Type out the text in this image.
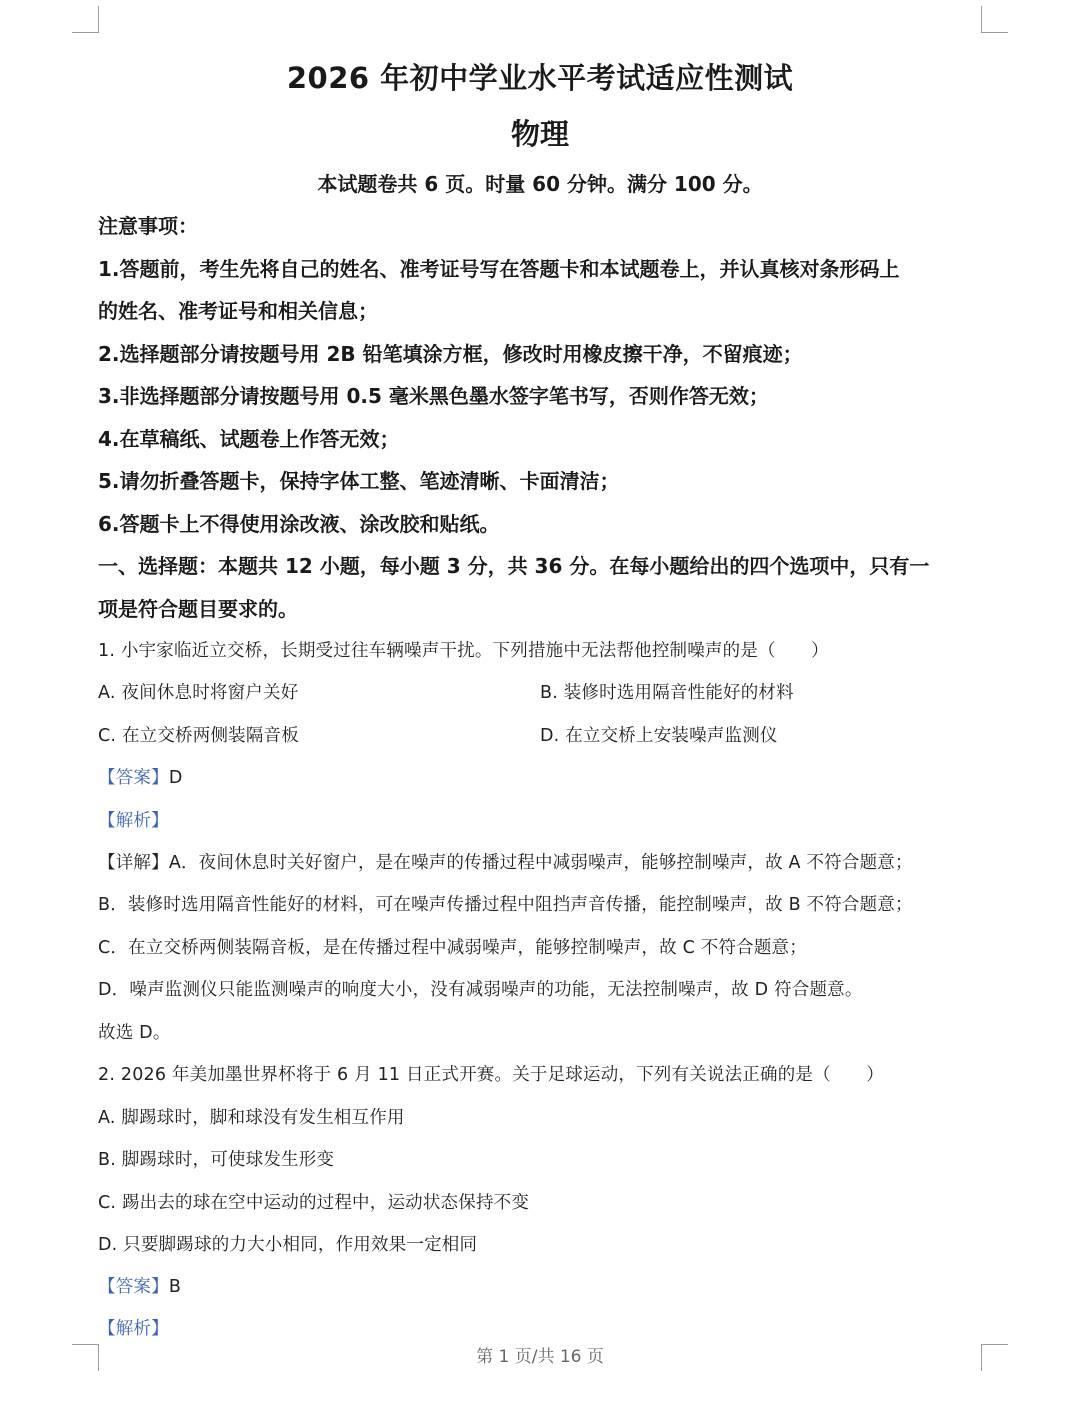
2026 年初中学业水平考试适应性测试
物理
本试题卷共 6 页。时量 60 分钟。满分 100 分。
注意事项：
1.答题前，考生先将自己的姓名、准考证号写在答题卡和本试题卷上，并认真核对条形码上
的姓名、准考证号和相关信息；
2.选择题部分请按题号用 2B 铅笔填涂方框，修改时用橡皮擦干净，不留痕迹；
3.非选择题部分请按题号用 0.5 毫米黑色墨水签字笔书写，否则作答无效；
4.在草稿纸、试题卷上作答无效；
5.请勿折叠答题卡，保持字体工整、笔迹清晰、卡面清洁；
6.答题卡上不得使用涂改液、涂改胶和贴纸。
一、选择题：本题共 12 小题，每小题 3 分，共 36 分。在每小题给出的四个选项中，只有一
项是符合题目要求的。
1. 小宇家临近立交桥，长期受过往车辆噪声干扰。下列措施中无法帮他控制噪声的是（　　）
A. 夜间休息时将窗户关好	B. 装修时选用隔音性能好的材料
C. 在立交桥两侧装隔音板	D. 在立交桥上安装噪声监测仪
【答案】D
【解析】
【详解】A．夜间休息时关好窗户，是在噪声的传播过程中减弱噪声，能够控制噪声，故 A 不符合题意；
B．装修时选用隔音性能好的材料，可在噪声传播过程中阻挡声音传播，能控制噪声，故 B 不符合题意；
C．在立交桥两侧装隔音板，是在传播过程中减弱噪声，能够控制噪声，故 C 不符合题意；
D．噪声监测仪只能监测噪声的响度大小，没有减弱噪声的功能，无法控制噪声，故 D 符合题意。
故选 D。
2. 2026 年美加墨世界杯将于 6 月 11 日正式开赛。关于足球运动，下列有关说法正确的是（　　）
A. 脚踢球时，脚和球没有发生相互作用
B. 脚踢球时，可使球发生形变
C. 踢出去的球在空中运动的过程中，运动状态保持不变
D. 只要脚踢球的力大小相同，作用效果一定相同
【答案】B
【解析】
第 1 页/共 16 页
